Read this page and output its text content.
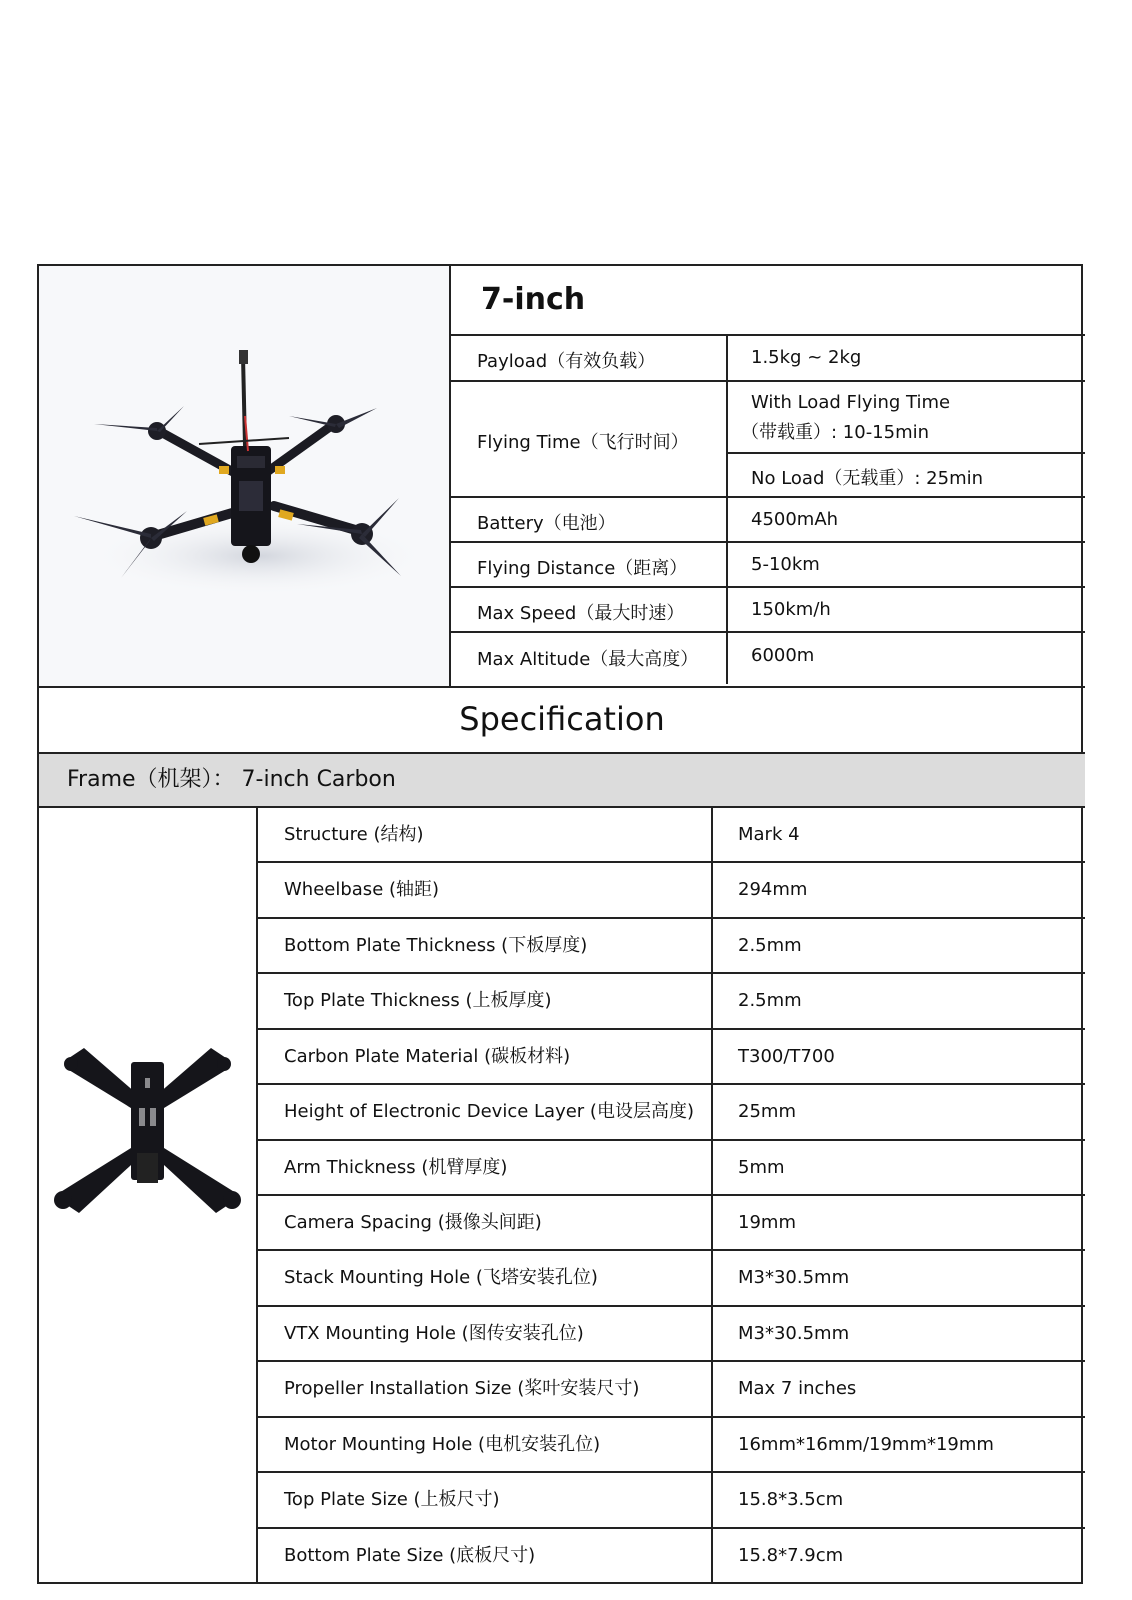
7-inch
Payload（有效负载）	1.5kg ~ 2kg
Flying Time（飞行时间）
With Load Flying Time
（带载重）: 10-15min
No Load（无载重）: 25min
Battery（电池）	4500mAh
Flying Distance（距离）	5-10km
Max Speed（最大时速）	150km/h
Max Altitude（最大高度）	6000m
Specification
Frame（机架）： 7-inch Carbon
Structure (结构)	Mark 4
Wheelbase (轴距)	294mm
Bottom Plate Thickness (下板厚度)	2.5mm
Top Plate Thickness (上板厚度)	2.5mm
Carbon Plate Material (碳板材料)	T300/T700
Height of Electronic Device Layer (电设层高度) 25mm
Arm Thickness (机臂厚度)	5mm
Camera Spacing (摄像头间距)	19mm
Stack Mounting Hole (飞塔安装孔位)	M3*30.5mm
VTX Mounting Hole (图传安装孔位)	M3*30.5mm
Propeller Installation Size (桨叶安装尺寸)	Max 7 inches
Motor Mounting Hole (电机安装孔位)	16mm*16mm/19mm*19mm
Top Plate Size (上板尺寸)	15.8*3.5cm
Bottom Plate Size (底板尺寸)	15.8*7.9cm
